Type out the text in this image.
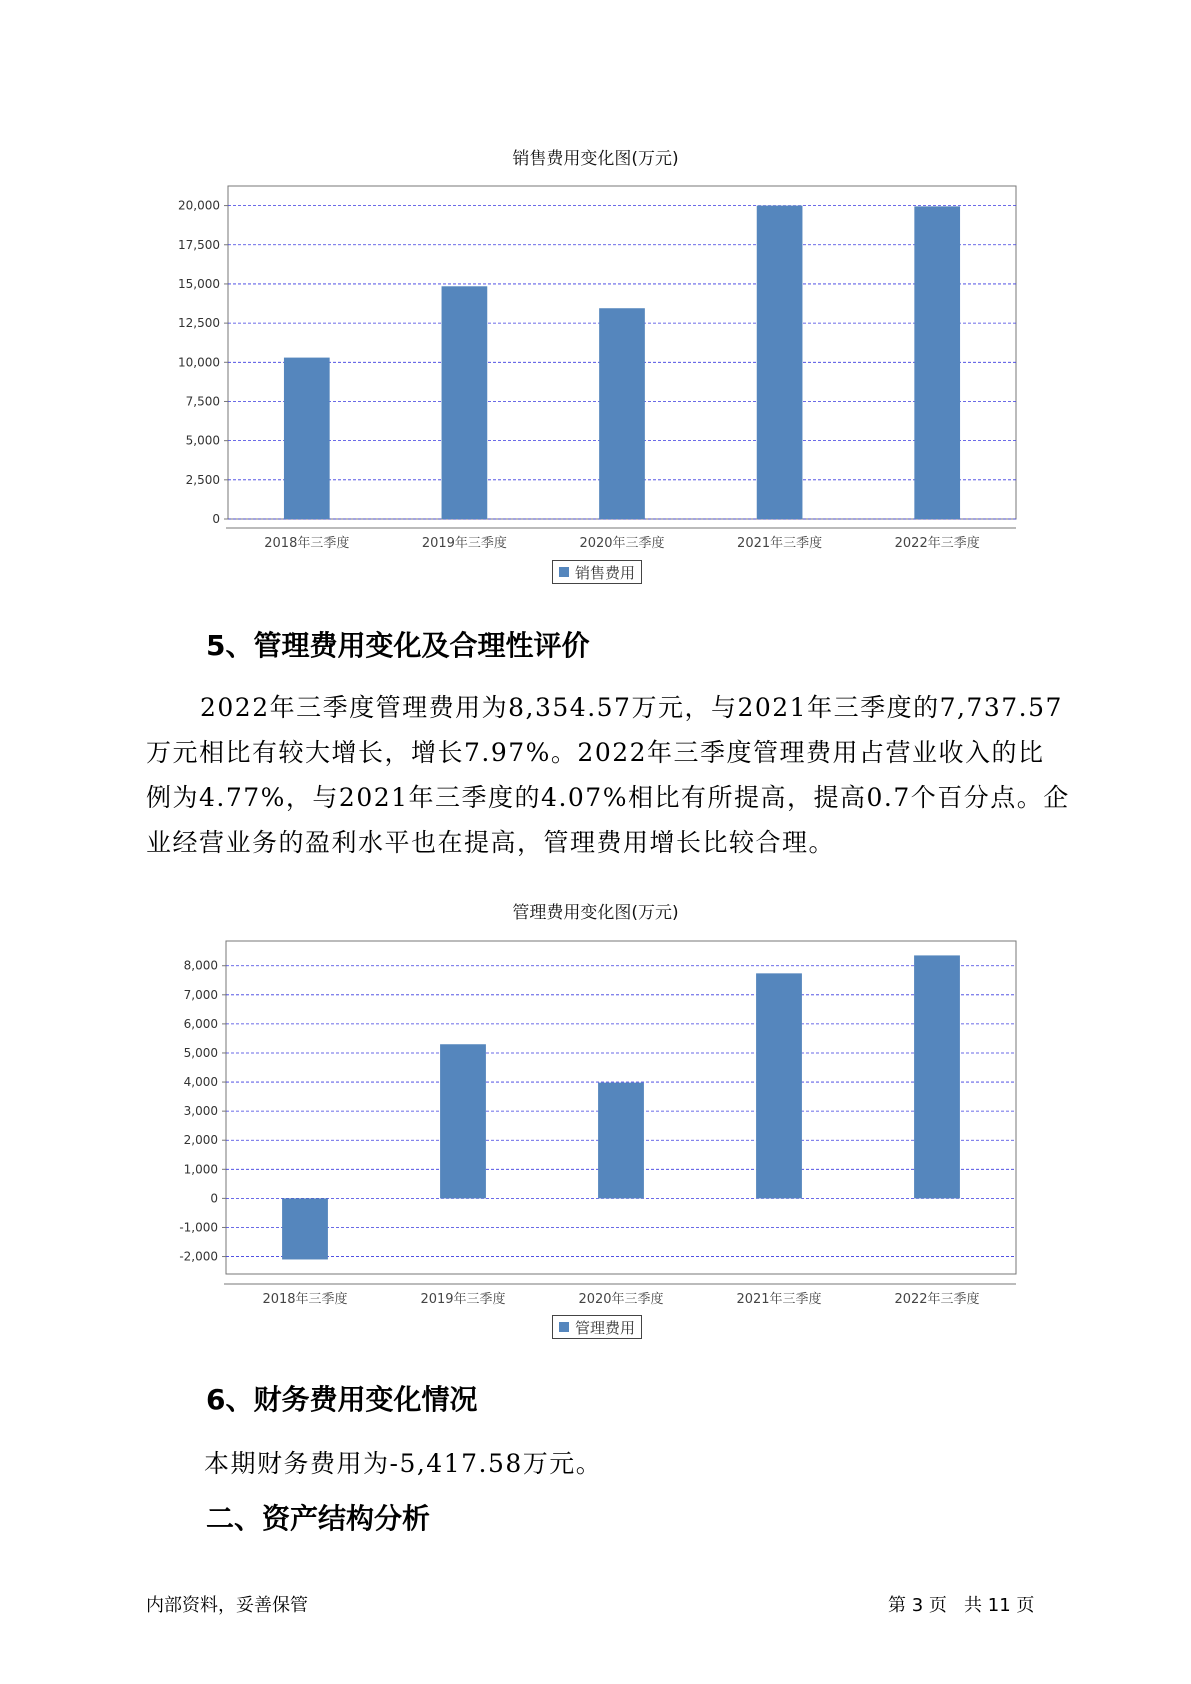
销售费用变化图(万元)
20,000
17,500
15,000
12,500
10,000
7,500
5,000
2,500
0
2018年三季度	2019年三季度	2020年三季度	2021年三季度	2022年三季度
销售费用
5、管理费用变化及合理性评价
2022年三季度管理费用为8,354.57万元，与2021年三季度的7,737.57
万元相比有较大增长，增长7.97%。2022年三季度管理费用占营业收入的比
例为4.77%，与2021年三季度的4.07%相比有所提高，提高0.7个百分点。企
业经营业务的盈利水平也在提高，管理费用增长比较合理。
管理费用变化图(万元)
8,000
7,000
6,000
5,000
4,000
3,000
2,000
1,000
0
-1,000
-2,000
2018年三季度	2019年三季度	2020年三季度	2021年三季度	2022年三季度
管理费用
6、财务费用变化情况
本期财务费用为-5,417.58万元。
二、资产结构分析
内部资料，妥善保管	第 3 页   共 11 页
